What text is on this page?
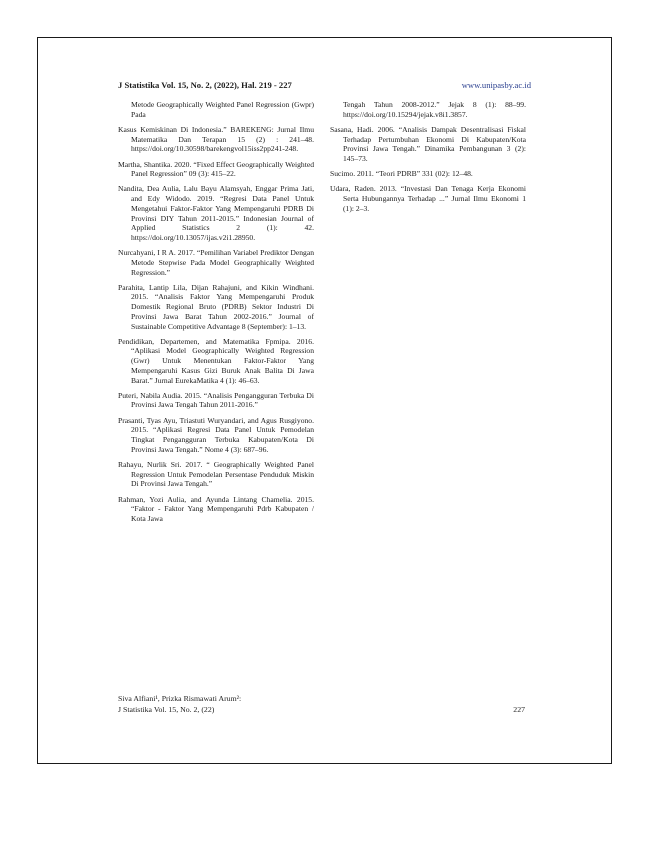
J Statistika Vol. 15, No. 2, (2022), Hal. 219 - 227	www.unipasby.ac.id

Metode Geographically Weighted Panel Regression (Gwpr) Pada

Kasus Kemiskinan Di Indonesia.” BAREKENG: Jurnal Ilmu Matematika Dan Terapan 15 (2) : 241–48. https://doi.org/10.30598/barekengvol15iss2pp241-248.

Martha, Shantika. 2020. “Fixed Effect Geographically Weighted Panel Regression” 09 (3): 415–22.

Nandita, Dea Aulia, Lalu Bayu Alamsyah, Enggar Prima Jati, and Edy Widodo. 2019. “Regresi Data Panel Untuk Mengetahui Faktor-Faktor Yang Mempengaruhi PDRB Di Provinsi DIY Tahun 2011-2015.” Indonesian Journal of Applied Statistics 2 (1): 42. https://doi.org/10.13057/ijas.v2i1.28950.

Nurcahyani, I R A. 2017. “Pemilihan Variabel Prediktor Dengan Metode Stepwise Pada Model Geographically Weighted Regression.”

Parahita, Lantip Lila, Dijan Rahajuni, and Kikin Windhani. 2015. “Analisis Faktor Yang Mempengaruhi Produk Domestik Regional Bruto (PDRB) Sektor Industri Di Provinsi Jawa Barat Tahun 2002-2016.” Journal of Sustainable Competitive Advantage 8 (September): 1–13.

Pendidikan, Departemen, and Matematika Fpmipa. 2016. “Aplikasi Model Geographically Weighted Regression (Gwr) Untuk Menentukan Faktor-Faktor Yang Mempengaruhi Kasus Gizi Buruk Anak Balita Di Jawa Barat.” Jurnal EurekaMatika 4 (1): 46–63.

Puteri, Nabila Audia. 2015. “Analisis Pengangguran Terbuka Di Provinsi Jawa Tengah Tahun 2011-2016.”

Prasanti, Tyas Ayu, Triastuti Wuryandari, and Agus Rusgiyono. 2015. “Aplikasi Regresi Data Panel Untuk Pemodelan Tingkat Pengangguran Terbuka Kabupaten/Kota Di Provinsi Jawa Tengah.” Nome 4 (3): 687–96.

Rahayu, Nurlik Sri. 2017. “ Geographically Weighted Panel Regression Untuk Pemodelan Persentase Penduduk Miskin Di Provinsi Jawa Tengah.”

Rahman, Yozi Aulia, and Ayunda Lintang Chamelia. 2015. “Faktor - Faktor Yang Mempengaruhi Pdrb Kabupaten / Kota Jawa

Tengah Tahun 2008-2012.” Jejak 8 (1): 88–99. https://doi.org/10.15294/jejak.v8i1.3857.

Sasana, Hadi. 2006. “Analisis Dampak Desentralisasi Fiskal Terhadap Pertumbuhan Ekonomi Di Kabupaten/Kota Provinsi Jawa Tengah.” Dinamika Pembangunan 3 (2): 145–73.

Sucimo. 2011. “Teori PDRB” 331 (02): 12–48.

Udara, Raden. 2013. “Investasi Dan Tenaga Kerja Ekonomi Serta Hubungannya Terhadap ...” Jurnal Ilmu Ekonomi 1 (1): 2–3.

Siva Alfiani¹, Prizka Rismawati Arum²:
J Statistika Vol. 15, No. 2, (22)	227
